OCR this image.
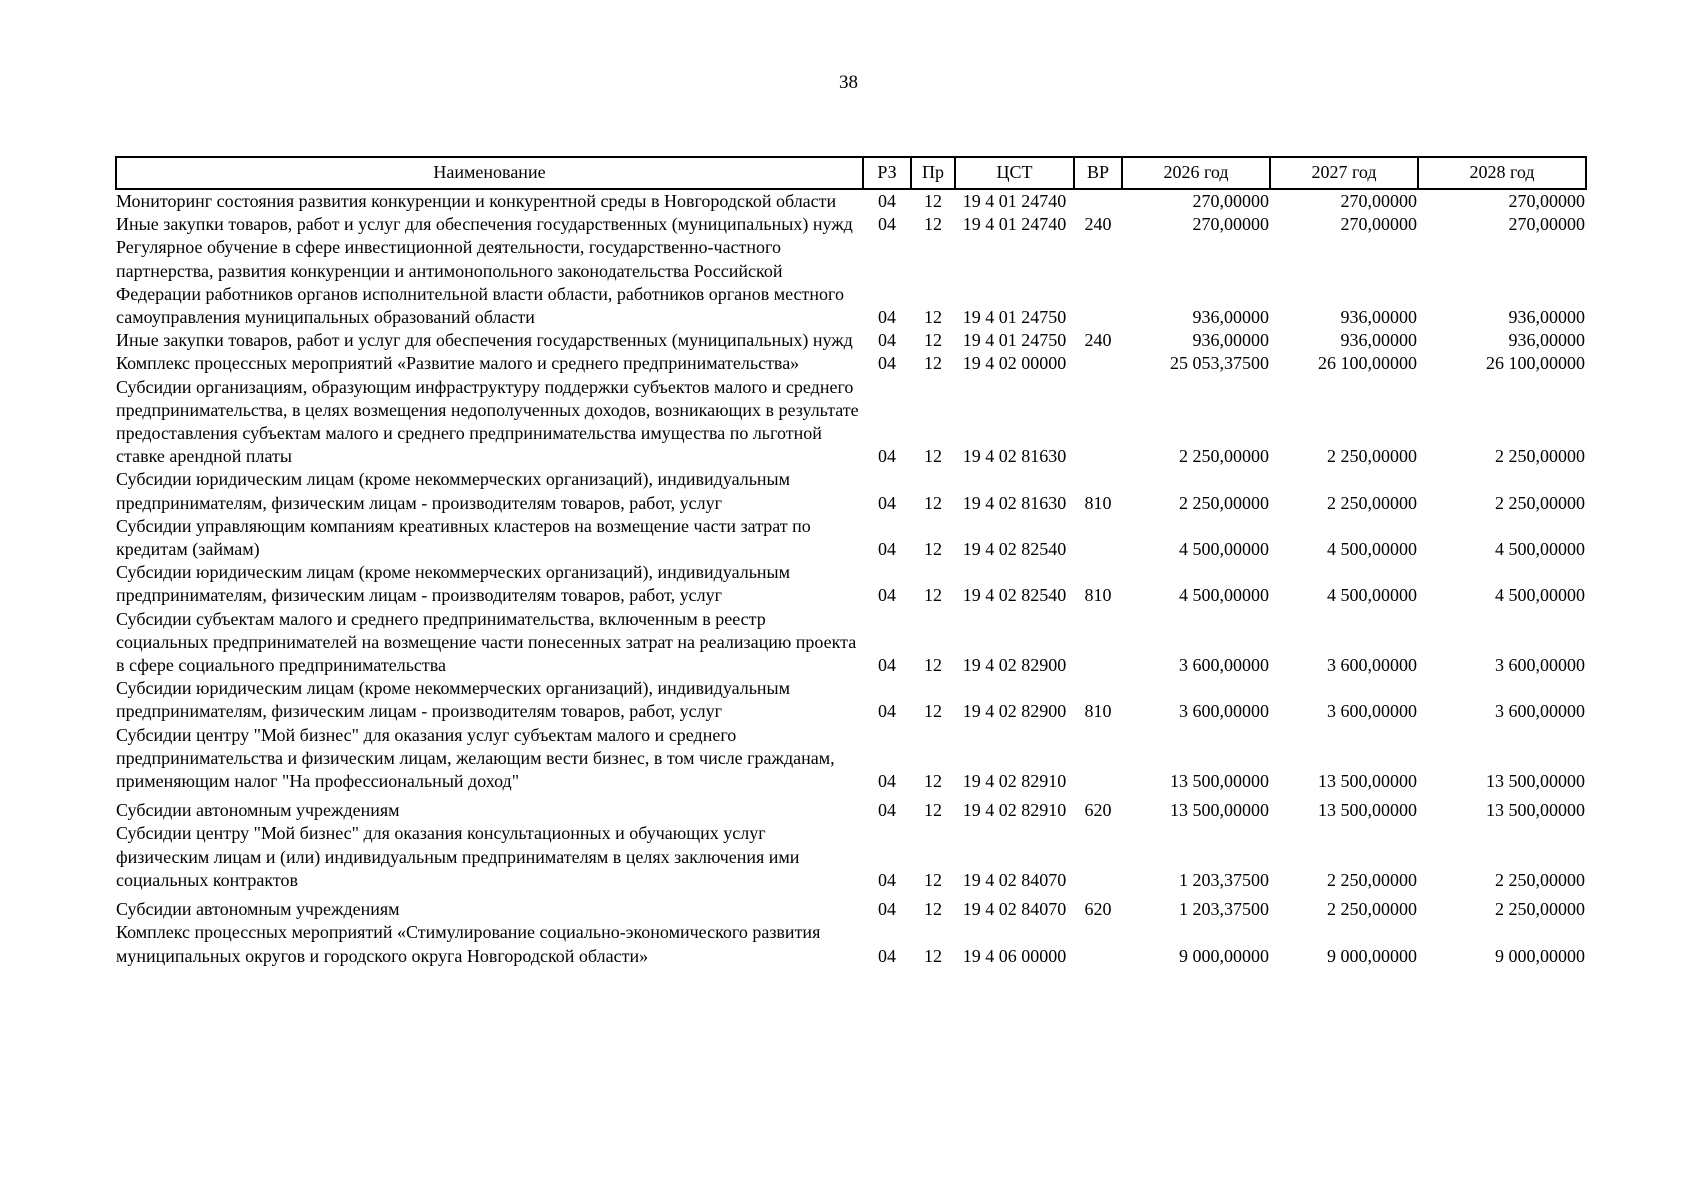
38
Наименование	РЗ	Пр	ЦСТ	ВР	2026 год	2027 год	2028 год
Мониторинг состояния развития конкуренции и конкурентной среды в Новгородской области	04	12	19 4 01 24740		270,00000	270,00000	270,00000
Иные закупки товаров, работ и услуг для обеспечения государственных (муниципальных) нужд	04	12	19 4 01 24740	240	270,00000	270,00000	270,00000
Регулярное обучение в сфере инвестиционной деятельности, государственно-частного партнерства, развития конкуренции и антимонопольного законодательства Российской Федерации работников органов исполнительной власти области, работников органов местного самоуправления муниципальных образований области	04	12	19 4 01 24750		936,00000	936,00000	936,00000
Иные закупки товаров, работ и услуг для обеспечения государственных (муниципальных) нужд	04	12	19 4 01 24750	240	936,00000	936,00000	936,00000
Комплекс процессных мероприятий «Развитие малого и среднего предпринимательства»	04	12	19 4 02 00000		25 053,37500	26 100,00000	26 100,00000
Субсидии организациям, образующим инфраструктуру поддержки субъектов малого и среднего предпринимательства, в целях возмещения недополученных доходов, возникающих в результате предоставления субъектам малого и среднего предпринимательства имущества по льготной ставке арендной платы	04	12	19 4 02 81630		2 250,00000	2 250,00000	2 250,00000
Субсидии юридическим лицам (кроме некоммерческих организаций), индивидуальным предпринимателям, физическим лицам - производителям товаров, работ, услуг	04	12	19 4 02 81630	810	2 250,00000	2 250,00000	2 250,00000
Субсидии управляющим компаниям креативных кластеров на возмещение части затрат по кредитам (займам)	04	12	19 4 02 82540		4 500,00000	4 500,00000	4 500,00000
Субсидии юридическим лицам (кроме некоммерческих организаций), индивидуальным предпринимателям, физическим лицам - производителям товаров, работ, услуг	04	12	19 4 02 82540	810	4 500,00000	4 500,00000	4 500,00000
Субсидии субъектам малого и среднего предпринимательства, включенным в реестр социальных предпринимателей на возмещение части понесенных затрат на реализацию проекта в сфере социального предпринимательства	04	12	19 4 02 82900		3 600,00000	3 600,00000	3 600,00000
Субсидии юридическим лицам (кроме некоммерческих организаций), индивидуальным предпринимателям, физическим лицам - производителям товаров, работ, услуг	04	12	19 4 02 82900	810	3 600,00000	3 600,00000	3 600,00000
Субсидии центру "Мой бизнес" для оказания услуг субъектам малого и среднего предпринимательства и физическим лицам, желающим вести бизнес, в том числе гражданам, применяющим налог "На профессиональный доход"	04	12	19 4 02 82910		13 500,00000	13 500,00000	13 500,00000
Субсидии автономным учреждениям	04	12	19 4 02 82910	620	13 500,00000	13 500,00000	13 500,00000
Субсидии центру "Мой бизнес" для оказания консультационных и обучающих услуг физическим лицам и (или) индивидуальным предпринимателям в целях заключения ими социальных контрактов	04	12	19 4 02 84070		1 203,37500	2 250,00000	2 250,00000
Субсидии автономным учреждениям	04	12	19 4 02 84070	620	1 203,37500	2 250,00000	2 250,00000
Комплекс процессных мероприятий «Стимулирование социально-экономического развития муниципальных округов и городского округа Новгородской области»	04	12	19 4 06 00000		9 000,00000	9 000,00000	9 000,00000
